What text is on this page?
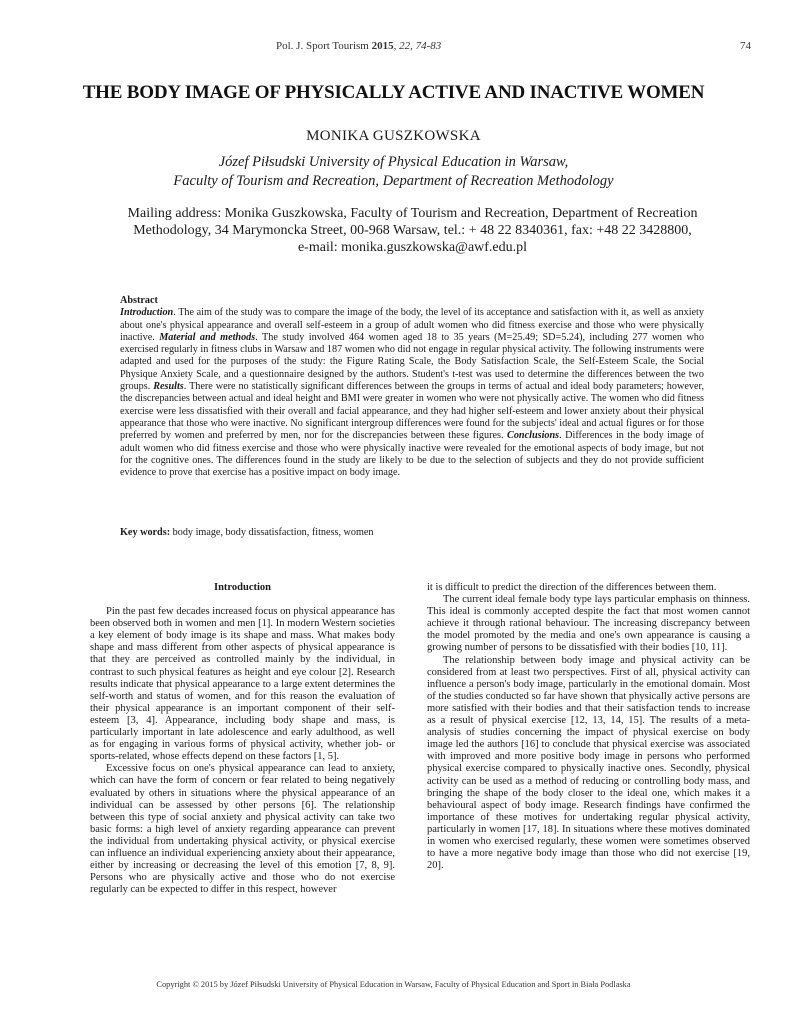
Pol. J. Sport Tourism 2015, 22, 74-83	74
THE BODY IMAGE OF PHYSICALLY ACTIVE AND INACTIVE WOMEN
MONIKA GUSZKOWSKA
Józef Piłsudski University of Physical Education in Warsaw,
Faculty of Tourism and Recreation, Department of Recreation Methodology
Mailing address: Monika Guszkowska, Faculty of Tourism and Recreation, Department of Recreation
Methodology, 34 Marymoncka Street, 00-968 Warsaw, tel.: + 48 22 8340361, fax: +48 22 3428800,
e-mail: monika.guszkowska@awf.edu.pl
Abstract
Introduction. The aim of the study was to compare the image of the body, the level of its acceptance and satisfaction with it, as well as anxiety about one's physical appearance and overall self-esteem in a group of adult women who did fitness exercise and those who were physically inactive. Material and methods. The study involved 464 women aged 18 to 35 years (M=25.49; SD=5.24), including 277 women who exercised regularly in fitness clubs in Warsaw and 187 women who did not engage in regular physical activity. The following instruments were adapted and used for the purposes of the study: the Figure Rating Scale, the Body Satisfaction Scale, the Self-Esteem Scale, the Social Physique Anxiety Scale, and a questionnaire designed by the authors. Student's t-test was used to determine the differences between the two groups. Results. There were no statistically significant differences between the groups in terms of actual and ideal body parameters; however, the discrepancies between actual and ideal height and BMI were greater in women who were not physically active. The women who did fitness exercise were less dissatisfied with their overall and facial appearance, and they had higher self-esteem and lower anxiety about their physical appearance that those who were inactive. No significant intergroup differences were found for the subjects' ideal and actual figures or for those preferred by women and preferred by men, nor for the discrepancies between these figures. Conclusions. Differences in the body image of adult women who did fitness exercise and those who were physically inactive were revealed for the emotional aspects of body image, but not for the cognitive ones. The differences found in the study are likely to be due to the selection of subjects and they do not provide sufficient evidence to prove that exercise has a positive impact on body image.
Key words: body image, body dissatisfaction, fitness, women
Introduction

Pin the past few decades increased focus on physical appearance has been observed both in women and men [1]. In modern Western societies a key element of body image is its shape and mass. What makes body shape and mass different from other aspects of physical appearance is that they are perceived as controlled mainly by the individual, in contrast to such physical features as height and eye colour [2]. Research results indicate that physical appearance to a large extent determines the self-worth and status of women, and for this reason the evaluation of their physical appearance is an important component of their self-esteem [3, 4]. Appearance, including body shape and mass, is particularly important in late adolescence and early adulthood, as well as for engaging in various forms of physical activity, whether job- or sports-related, whose effects depend on these factors [1, 5].

Excessive focus on one's physical appearance can lead to anxiety, which can have the form of concern or fear related to being negatively evaluated by others in situations where the physical appearance of an individual can be assessed by other persons [6]. The relationship between this type of social anxiety and physical activity can take two basic forms: a high level of anxiety regarding appearance can prevent the individual from undertaking physical activity, or physical exercise can influence an individual experiencing anxiety about their appearance, either by increasing or decreasing the level of this emotion [7, 8, 9]. Persons who are physically active and those who do not exercise regularly can be expected to differ in this respect, however

it is difficult to predict the direction of the differences between them.

The current ideal female body type lays particular emphasis on thinness. This ideal is commonly accepted despite the fact that most women cannot achieve it through rational behaviour. The increasing discrepancy between the model promoted by the media and one's own appearance is causing a growing number of persons to be dissatisfied with their bodies [10, 11].

The relationship between body image and physical activity can be considered from at least two perspectives. First of all, physical activity can influence a person's body image, particularly in the emotional domain. Most of the studies conducted so far have shown that physically active persons are more satisfied with their bodies and that their satisfaction tends to increase as a result of physical exercise [12, 13, 14, 15]. The results of a meta-analysis of studies concerning the impact of physical exercise on body image led the authors [16] to conclude that physical exercise was associated with improved and more positive body image in persons who performed physical exercise compared to physically inactive ones. Secondly, physical activity can be used as a method of reducing or controlling body mass, and bringing the shape of the body closer to the ideal one, which makes it a behavioural aspect of body image. Research findings have confirmed the importance of these motives for undertaking regular physical activity, particularly in women [17, 18]. In situations where these motives dominated in women who exercised regularly, these women were sometimes observed to have a more negative body image than those who did not exercise [19, 20].

Copyright © 2015 by Józef Piłsudski University of Physical Education in Warsaw, Faculty of Physical Education and Sport in Biała Podlaska
